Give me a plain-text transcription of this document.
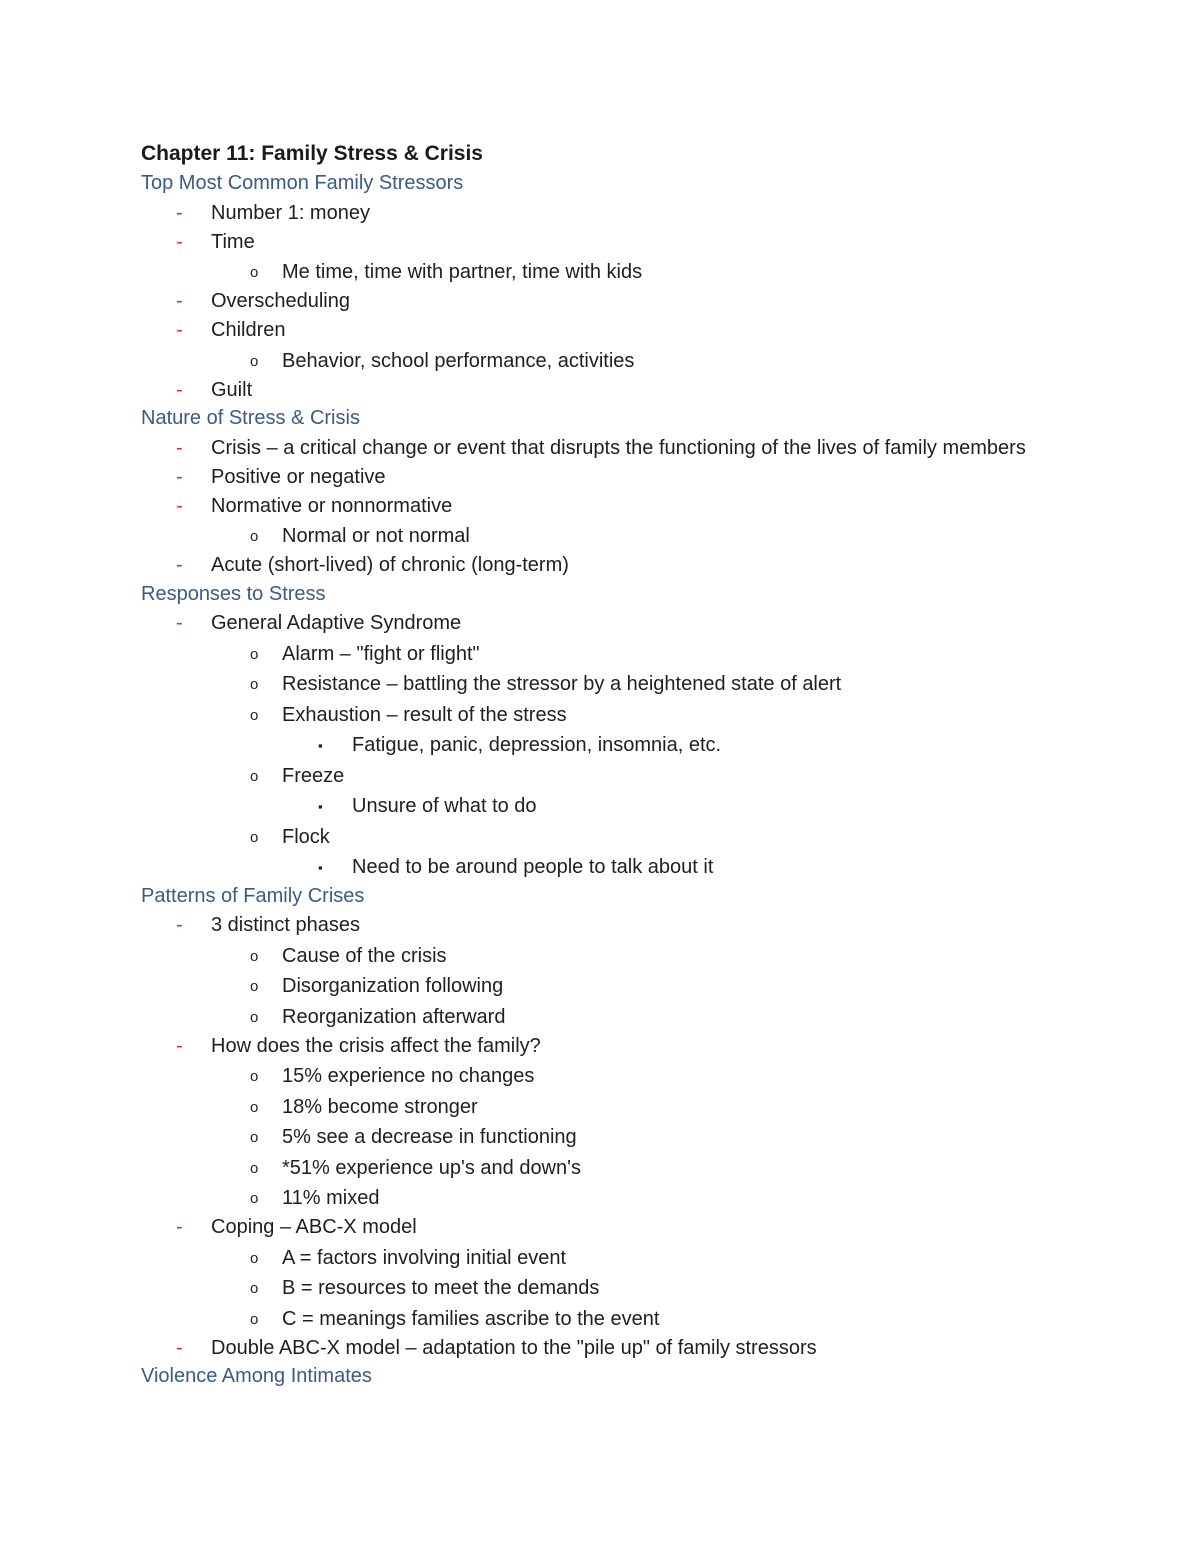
Chapter 11: Family Stress & Crisis
Top Most Common Family Stressors
- Number 1: money
- Time
o Me time, time with partner, time with kids
- Overscheduling
- Children
o Behavior, school performance, activities
- Guilt
Nature of Stress & Crisis
- Crisis – a critical change or event that disrupts the functioning of the lives of family members
- Positive or negative
- Normative or nonnormative
o Normal or not normal
- Acute (short-lived) of chronic (long-term)
Responses to Stress
- General Adaptive Syndrome
o Alarm – "fight or flight"
o Resistance – battling the stressor by a heightened state of alert
o Exhaustion – result of the stress
▪ Fatigue, panic, depression, insomnia, etc.
o Freeze
▪ Unsure of what to do
o Flock
▪ Need to be around people to talk about it
Patterns of Family Crises
- 3 distinct phases
o Cause of the crisis
o Disorganization following
o Reorganization afterward
- How does the crisis affect the family?
o 15% experience no changes
o 18% become stronger
o 5% see a decrease in functioning
o *51% experience up's and down's
o 11% mixed
- Coping – ABC-X model
o A = factors involving initial event
o B = resources to meet the demands
o C = meanings families ascribe to the event
- Double ABC-X model – adaptation to the "pile up" of family stressors
Violence Among Intimates
